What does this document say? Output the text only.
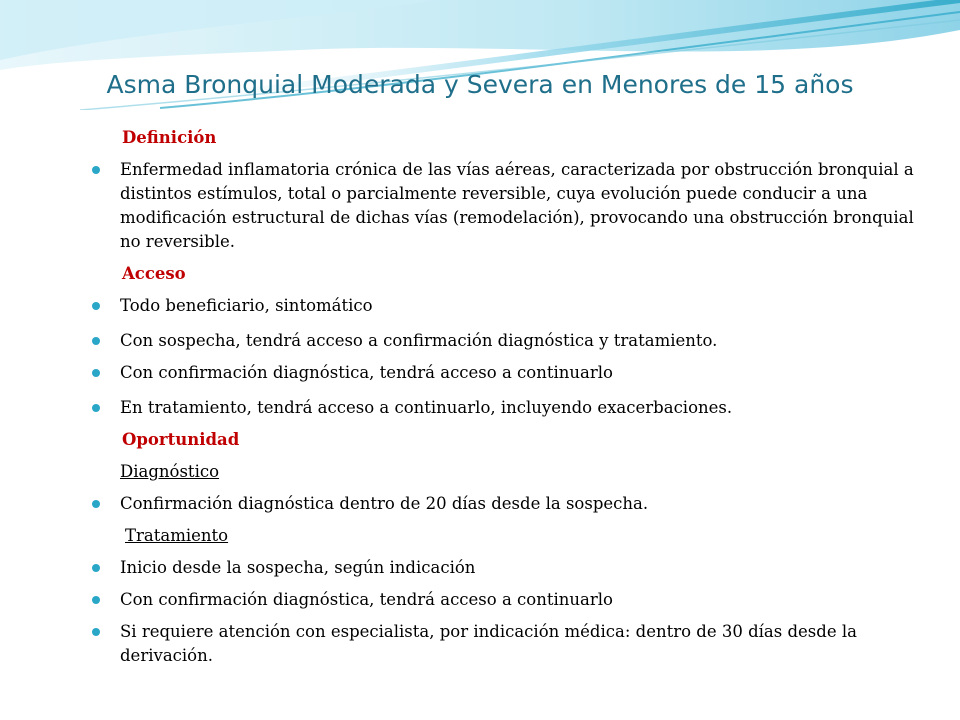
Asma Bronquial Moderada y Severa en Menores de 15 años
Definición
Enfermedad inflamatoria crónica de las vías aéreas, caracterizada por obstrucción bronquial a distintos estímulos, total o parcialmente reversible, cuya evolución puede conducir a una modificación estructural de dichas vías (remodelación), provocando una obstrucción bronquial no reversible.
Acceso
Todo beneficiario, sintomático
Con sospecha, tendrá acceso a confirmación diagnóstica y tratamiento.
Con confirmación diagnóstica, tendrá acceso a continuarlo
En tratamiento, tendrá acceso a continuarlo, incluyendo exacerbaciones.
Oportunidad
Diagnóstico
Confirmación diagnóstica dentro de 20 días desde la sospecha.
Tratamiento
Inicio desde la sospecha, según indicación
Con confirmación diagnóstica, tendrá acceso a continuarlo
Si requiere atención con especialista, por indicación médica: dentro de 30 días desde la derivación.
